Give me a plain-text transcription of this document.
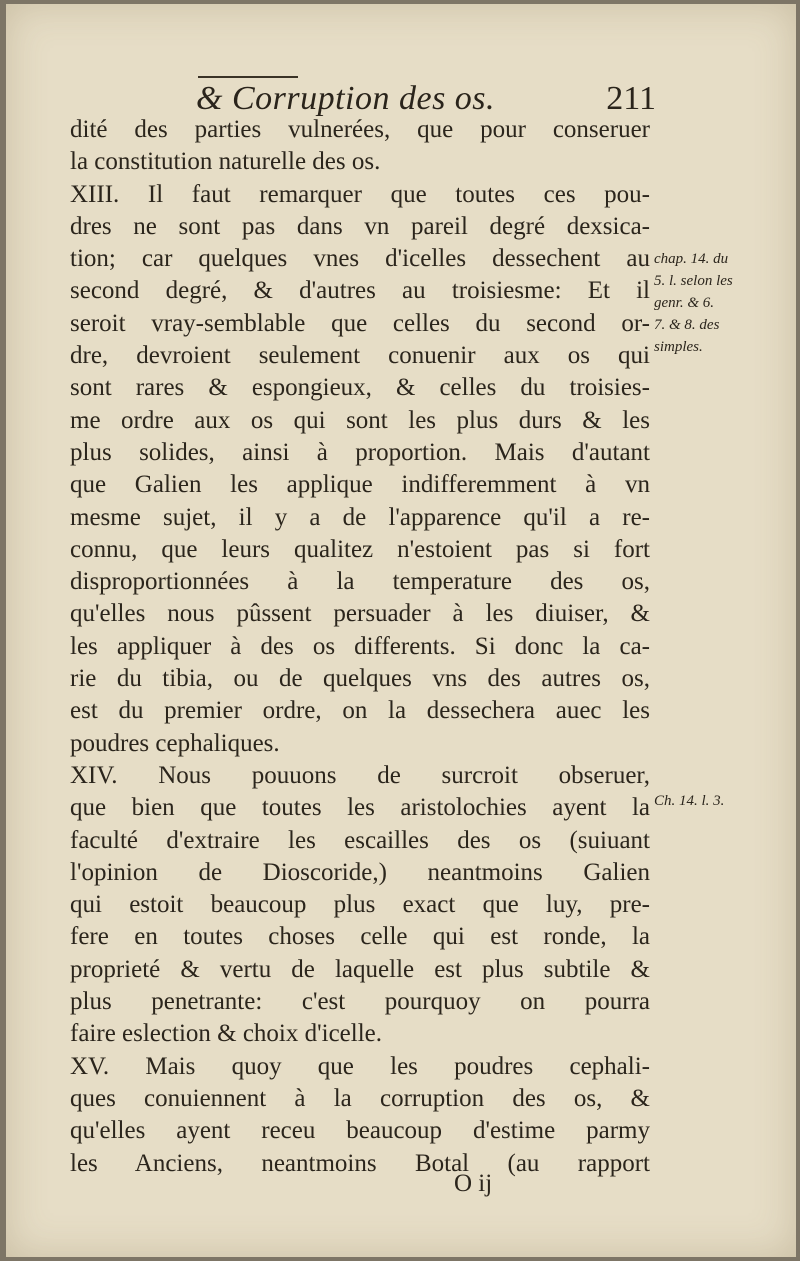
& Corruption des os.	211
dité des parties vulnerées, que pour conseruer
la constitution naturelle des os.
XIII. Il faut remarquer que toutes ces pou-
dres ne sont pas dans vn pareil degré dexsica-
tion; car quelques vnes d'icelles dessechent au
second degré, & d'autres au troisiesme: Et il
seroit vray-semblable que celles du second or-
dre, devroient seulement conuenir aux os qui
sont rares & espongieux, & celles du troisies-
me ordre aux os qui sont les plus durs & les
plus solides, ainsi à proportion. Mais d'autant
que Galien les applique indifferemment à vn
mesme sujet, il y a de l'apparence qu'il a re-
connu, que leurs qualitez n'estoient pas si fort
disproportionnées à la temperature des os,
qu'elles nous pûssent persuader à les diuiser, &
les appliquer à des os differents. Si donc la ca-
rie du tibia, ou de quelques vns des autres os,
est du premier ordre, on la dessechera auec les
poudres cephaliques.
XIV. Nous pouuons de surcroit obseruer,
que bien que toutes les aristolochies ayent la
faculté d'extraire les escailles des os (suiuant
l'opinion de Dioscoride,) neantmoins Galien
qui estoit beaucoup plus exact que luy, pre-
fere en toutes choses celle qui est ronde, la
proprieté & vertu de laquelle est plus subtile &
plus penetrante: c'est pourquoy on pourra
faire eslection & choix d'icelle.
XV. Mais quoy que les poudres cephali-
ques conuiennent à la corruption des os, &
qu'elles ayent receu beaucoup d'estime parmy
les Anciens, neantmoins Botal (au rapport
chap. 14. du
5. l. selon les
genr. & 6.
7. & 8. des
simples.
Ch. 14. l. 3.
O ij
